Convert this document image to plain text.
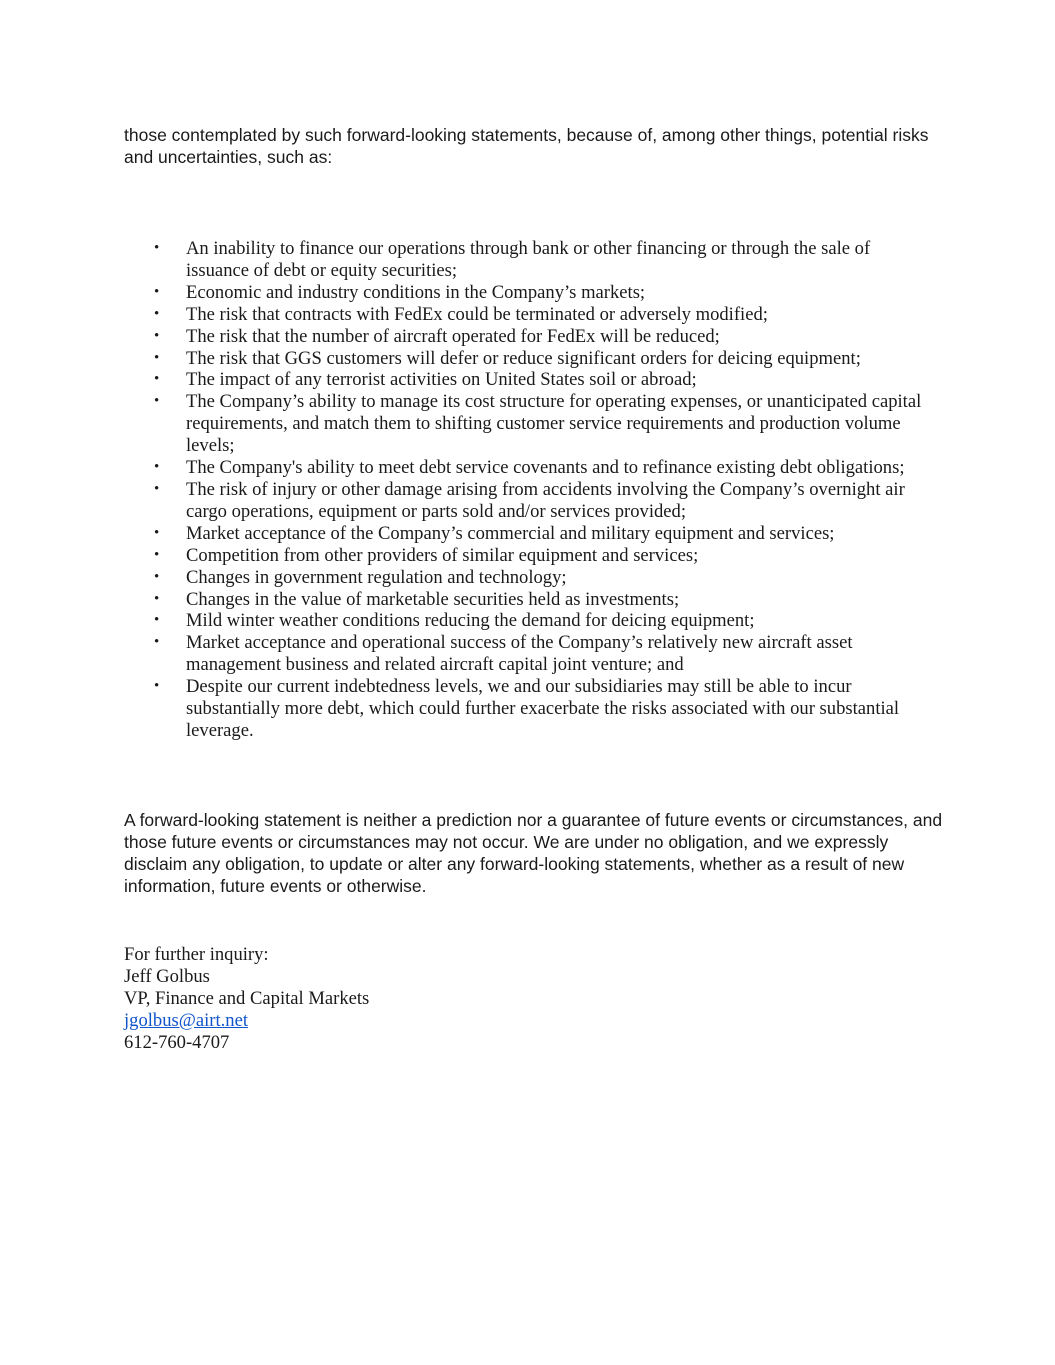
those contemplated by such forward-looking statements, because of, among other things, potential risks and uncertainties, such as:

• An inability to finance our operations through bank or other financing or through the sale of issuance of debt or equity securities;
• Economic and industry conditions in the Company’s markets;
• The risk that contracts with FedEx could be terminated or adversely modified;
• The risk that the number of aircraft operated for FedEx will be reduced;
• The risk that GGS customers will defer or reduce significant orders for deicing equipment;
• The impact of any terrorist activities on United States soil or abroad;
• The Company’s ability to manage its cost structure for operating expenses, or unanticipated capital requirements, and match them to shifting customer service requirements and production volume levels;
• The Company's ability to meet debt service covenants and to refinance existing debt obligations;
• The risk of injury or other damage arising from accidents involving the Company’s overnight air cargo operations, equipment or parts sold and/or services provided;
• Market acceptance of the Company’s commercial and military equipment and services;
• Competition from other providers of similar equipment and services;
• Changes in government regulation and technology;
• Changes in the value of marketable securities held as investments;
• Mild winter weather conditions reducing the demand for deicing equipment;
• Market acceptance and operational success of the Company’s relatively new aircraft asset management business and related aircraft capital joint venture; and
• Despite our current indebtedness levels, we and our subsidiaries may still be able to incur substantially more debt, which could further exacerbate the risks associated with our substantial leverage.

A forward-looking statement is neither a prediction nor a guarantee of future events or circumstances, and those future events or circumstances may not occur. We are under no obligation, and we expressly disclaim any obligation, to update or alter any forward-looking statements, whether as a result of new information, future events or otherwise.

For further inquiry:
Jeff Golbus
VP, Finance and Capital Markets
jgolbus@airt.net
612-760-4707
